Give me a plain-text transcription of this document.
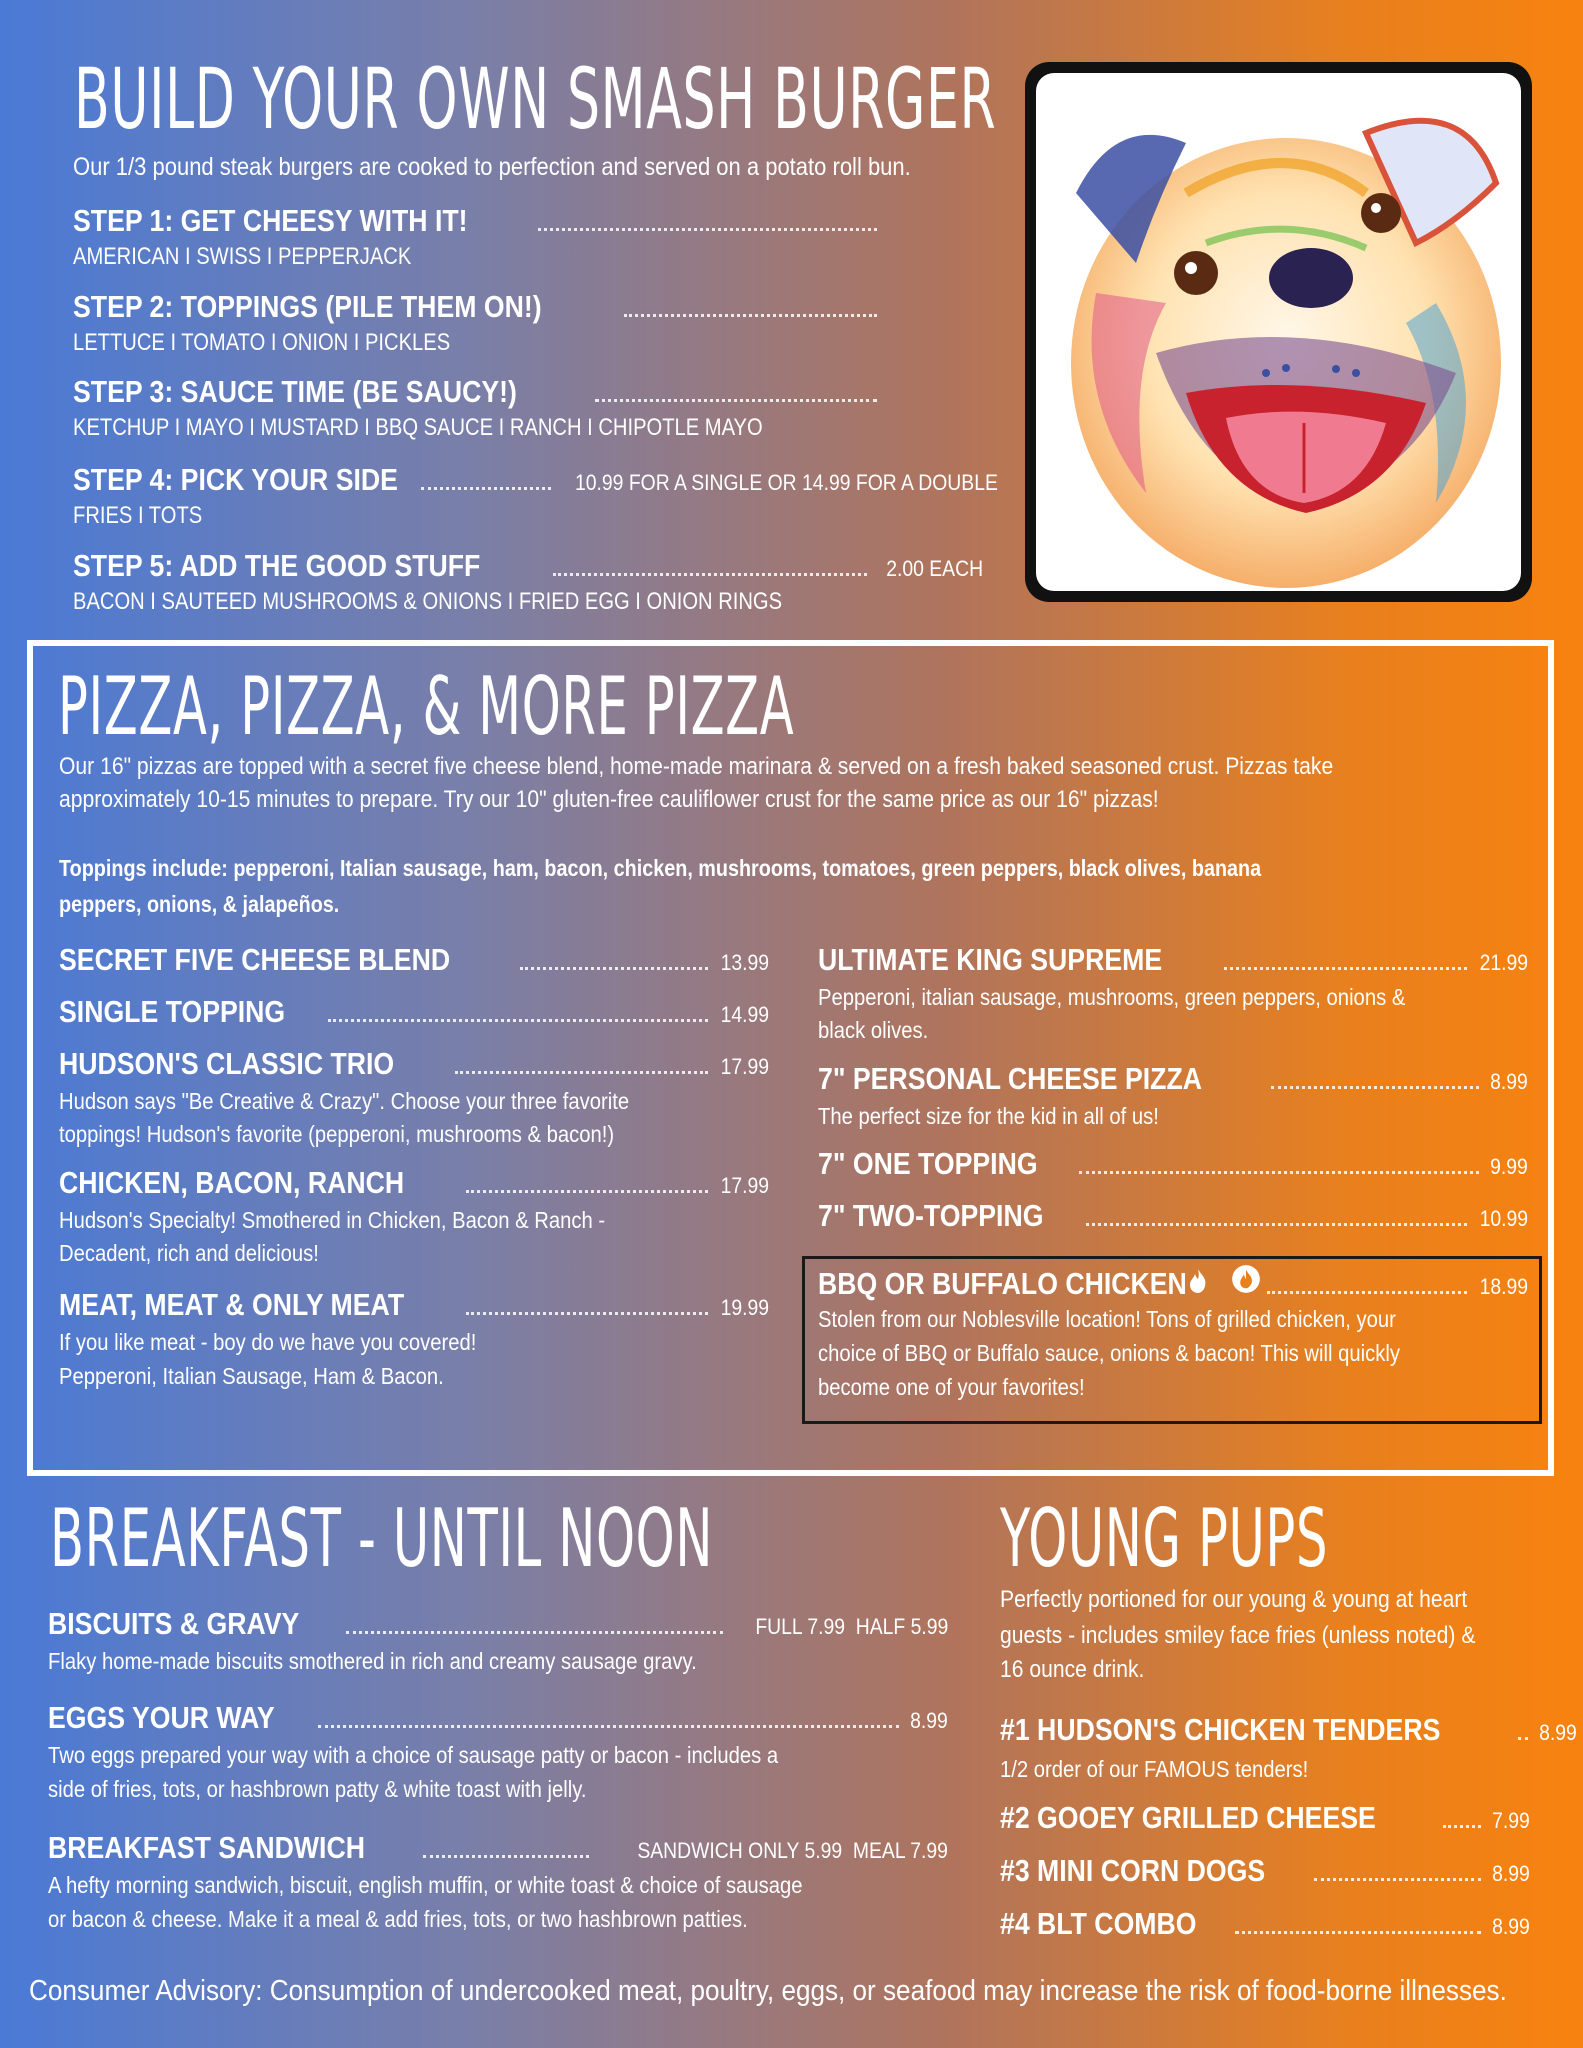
BUILD YOUR OWN SMASH BURGER
Our 1/3 pound steak burgers are cooked to perfection and served on a potato roll bun.
STEP 1: GET CHEESY WITH IT!
AMERICAN I SWISS I PEPPERJACK
STEP 2: TOPPINGS (PILE THEM ON!)
LETTUCE I TOMATO I ONION I PICKLES
STEP 3: SAUCE TIME (BE SAUCY!)
KETCHUP I MAYO I MUSTARD I BBQ SAUCE I RANCH I CHIPOTLE MAYO
STEP 4: PICK YOUR SIDE	10.99 FOR A SINGLE OR 14.99 FOR A DOUBLE
FRIES I TOTS
STEP 5: ADD THE GOOD STUFF	2.00 EACH
BACON I SAUTEED MUSHROOMS & ONIONS I FRIED EGG I ONION RINGS
PIZZA, PIZZA, & MORE PIZZA
Our 16" pizzas are topped with a secret five cheese blend, home-made marinara & served on a fresh baked seasoned crust. Pizzas take
approximately 10-15 minutes to prepare. Try our 10" gluten-free cauliflower crust for the same price as our 16" pizzas!
Toppings include: pepperoni, Italian sausage, ham, bacon, chicken, mushrooms, tomatoes, green peppers, black olives, banana
peppers, onions, & jalapeños.
SECRET FIVE CHEESE BLEND	13.99
SINGLE TOPPING	14.99
HUDSON'S CLASSIC TRIO	17.99
Hudson says "Be Creative & Crazy". Choose your three favorite
toppings! Hudson's favorite (pepperoni, mushrooms & bacon!)
CHICKEN, BACON, RANCH	17.99
Hudson's Specialty! Smothered in Chicken, Bacon & Ranch -
Decadent, rich and delicious!
MEAT, MEAT & ONLY MEAT	19.99
If you like meat - boy do we have you covered!
Pepperoni, Italian Sausage, Ham & Bacon.
ULTIMATE KING SUPREME	21.99
Pepperoni, italian sausage, mushrooms, green peppers, onions &
black olives.
7" PERSONAL CHEESE PIZZA	8.99
The perfect size for the kid in all of us!
7" ONE TOPPING	9.99
7" TWO-TOPPING	10.99
BBQ OR BUFFALO CHICKEN	18.99
Stolen from our Noblesville location! Tons of grilled chicken, your
choice of BBQ or Buffalo sauce, onions & bacon! This will quickly
become one of your favorites!
BREAKFAST - UNTIL NOON
BISCUITS & GRAVY	FULL 7.99  HALF 5.99
Flaky home-made biscuits smothered in rich and creamy sausage gravy.
EGGS YOUR WAY	8.99
Two eggs prepared your way with a choice of sausage patty or bacon - includes a
side of fries, tots, or hashbrown patty & white toast with jelly.
BREAKFAST SANDWICH	SANDWICH ONLY 5.99  MEAL 7.99
A hefty morning sandwich, biscuit, english muffin, or white toast & choice of sausage
or bacon & cheese. Make it a meal & add fries, tots, or two hashbrown patties.
YOUNG PUPS
Perfectly portioned for our young & young at heart
guests - includes smiley face fries (unless noted) &
16 ounce drink.
#1 HUDSON'S CHICKEN TENDERS	8.99
1/2 order of our FAMOUS tenders!
#2 GOOEY GRILLED CHEESE	7.99
#3 MINI CORN DOGS	8.99
#4 BLT COMBO	8.99
Consumer Advisory: Consumption of undercooked meat, poultry, eggs, or seafood may increase the risk of food-borne illnesses.
